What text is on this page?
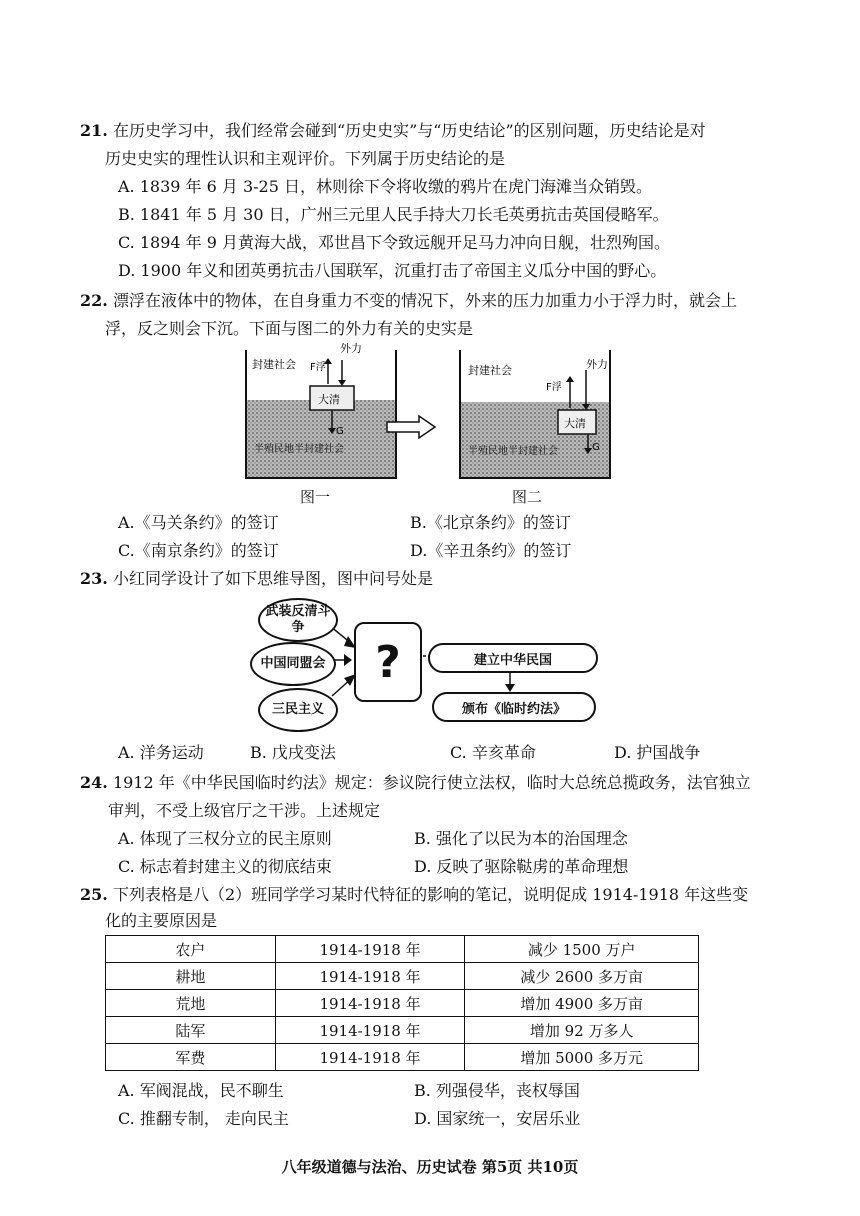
21. 在历史学习中，我们经常会碰到“历史史实”与“历史结论”的区别问题，历史结论是对
历史史实的理性认识和主观评价。下列属于历史结论的是
A. 1839 年 6 月 3-25 日，林则徐下令将收缴的鸦片在虎门海滩当众销毁。
B. 1841 年 5 月 30 日，广州三元里人民手持大刀长毛英勇抗击英国侵略军。
C. 1894 年 9 月黄海大战，邓世昌下令致远舰开足马力冲向日舰，壮烈殉国。
D. 1900 年义和团英勇抗击八国联军，沉重打击了帝国主义瓜分中国的野心。
22. 漂浮在液体中的物体，在自身重力不变的情况下，外来的压力加重力小于浮力时，就会上
浮，反之则会下沉。下面与图二的外力有关的史实是
封建社会
外力
F浮
大清
G
半殖民地半封建社会
图一
封建社会	外力
F浮
大清
G
半殖民地半封建社会
图二
A.《马关条约》的签订	B.《北京条约》的签订
C.《南京条约》的签订	D.《辛丑条约》的签订
23. 小红同学设计了如下思维导图，图中问号处是
武装反清斗争
中国同盟会
三民主义
?	建立中华民国
颁布《临时约法》
A. 洋务运动	B. 戊戌变法	C. 辛亥革命	D. 护国战争
24. 1912 年《中华民国临时约法》规定：参议院行使立法权，临时大总统总揽政务，法官独立
审判，不受上级官厅之干涉。上述规定
A. 体现了三权分立的民主原则	B. 强化了以民为本的治国理念
C. 标志着封建主义的彻底结束	D. 反映了驱除鞑虏的革命理想
25. 下列表格是八（2）班同学学习某时代特征的影响的笔记，说明促成 1914-1918 年这些变
化的主要原因是
农户	1914-1918 年	减少 1500 万户
耕地	1914-1918 年	减少 2600 多万亩
荒地	1914-1918 年	增加 4900 多万亩
陆军	1914-1918 年	增加 92 万多人
军费	1914-1918 年	增加 5000 多万元
A. 军阀混战，民不聊生	B. 列强侵华，丧权辱国
C. 推翻专制， 走向民主	D. 国家统一，安居乐业
八年级道德与法治、历史试卷 第5页 共10页
